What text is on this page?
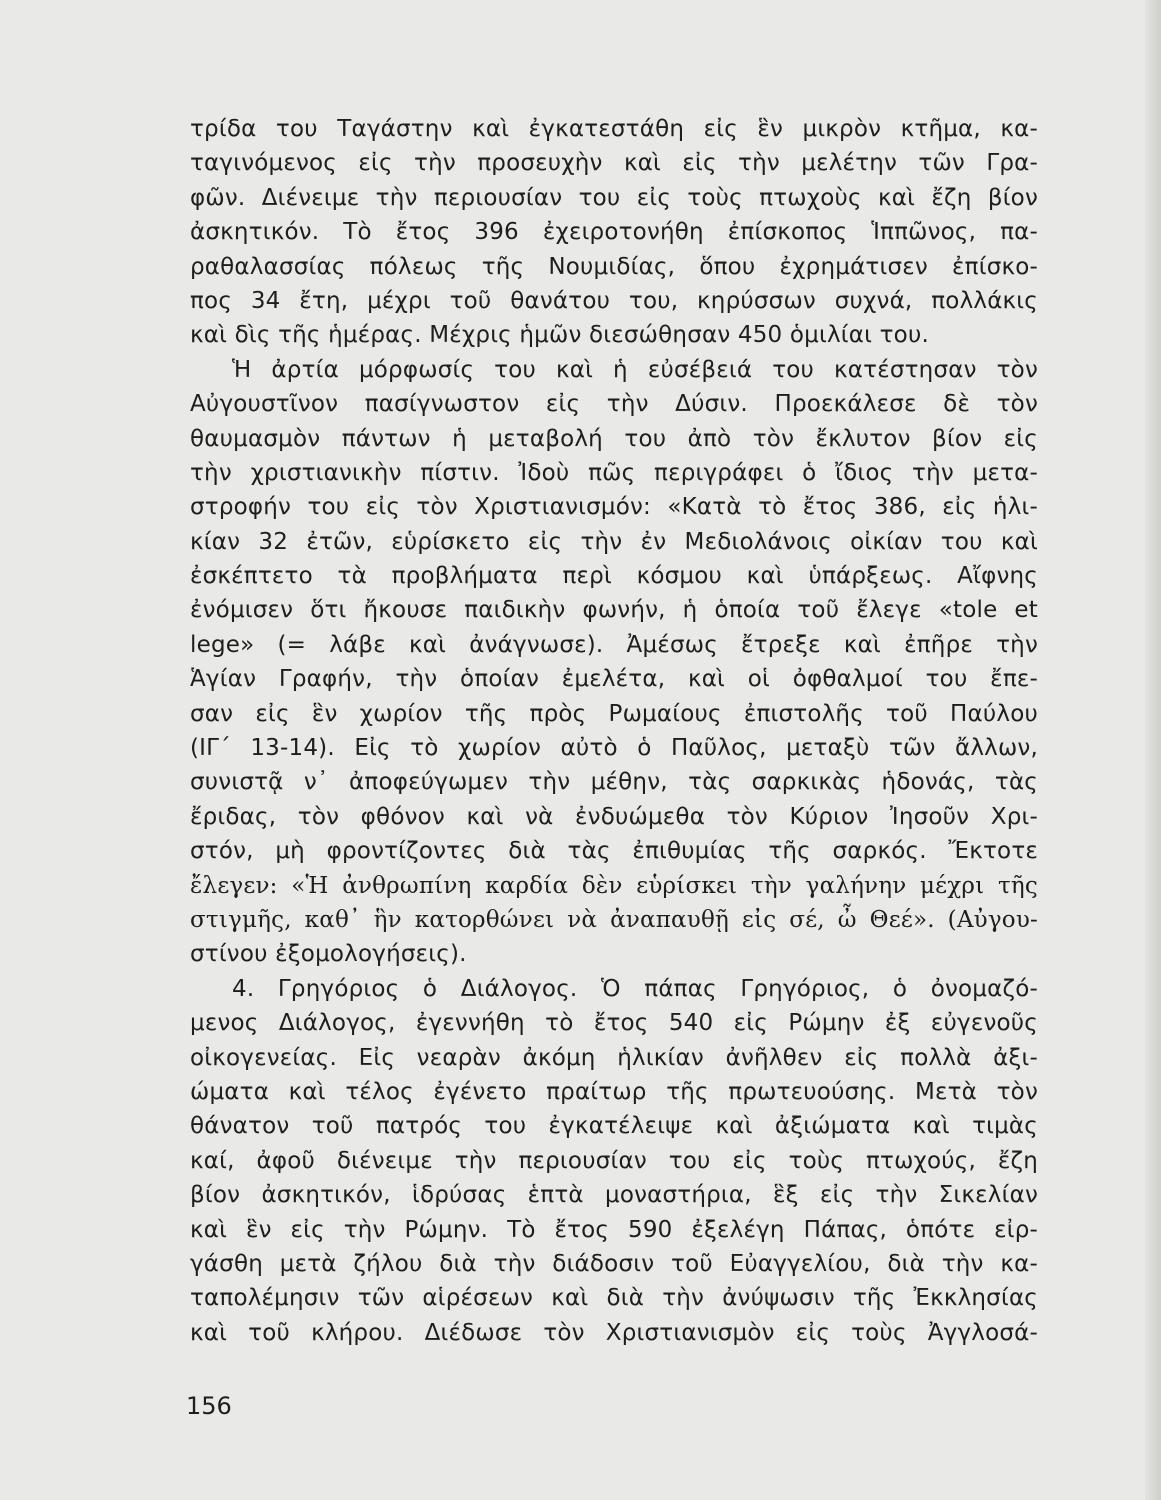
τρίδα του Ταγάστην καὶ ἐγκατεστάθη εἰς ἓν μικρὸν κτῆμα, κα-
ταγινόμενος εἰς τὴν προσευχὴν καὶ εἰς τὴν μελέτην τῶν Γρα-
φῶν. Διένειμε τὴν περιουσίαν του εἰς τοὺς πτωχοὺς καὶ ἔζη βίον
ἀσκητικόν. Τὸ ἔτος 396 ἐχειροτονήθη ἐπίσκοπος Ἱππῶνος, πα-
ραθαλασσίας πόλεως τῆς Νουμιδίας, ὅπου ἐχρημάτισεν ἐπίσκο-
πος 34 ἔτη, μέχρι τοῦ θανάτου του, κηρύσσων συχνά, πολλάκις
καὶ δὶς τῆς ἡμέρας. Μέχρις ἡμῶν διεσώθησαν 450 ὁμιλίαι του.
Ἡ ἀρτία μόρφωσίς του καὶ ἡ εὐσέβειά του κατέστησαν τὸν
Αὐγουστῖνον πασίγνωστον εἰς τὴν Δύσιν. Προεκάλεσε δὲ τὸν
θαυμασμὸν πάντων ἡ μεταβολή του ἀπὸ τὸν ἔκλυτον βίον εἰς
τὴν χριστιανικὴν πίστιν. Ἰδοὺ πῶς περιγράφει ὁ ἴδιος τὴν μετα-
στροφήν του εἰς τὸν Χριστιανισμόν: «Κατὰ τὸ ἔτος 386, εἰς ἡλι-
κίαν 32 ἐτῶν, εὑρίσκετο εἰς τὴν ἐν Μεδιολάνοις οἰκίαν του καὶ
ἐσκέπτετο τὰ προβλήματα περὶ κόσμου καὶ ὑπάρξεως. Αἴφνης
ἐνόμισεν ὅτι ἤκουσε παιδικὴν φωνήν, ἡ ὁποία τοῦ ἔλεγε «tole et
lege» (= λάβε καὶ ἀνάγνωσε). Ἀμέσως ἔτρεξε καὶ ἐπῆρε τὴν
Ἁγίαν Γραφήν, τὴν ὁποίαν ἐμελέτα, καὶ οἱ ὀφθαλμοί του ἔπε-
σαν εἰς ἓν χωρίον τῆς πρὸς Ρωμαίους ἐπιστολῆς τοῦ Παύλου
(ΙΓ΄ 13-14). Εἰς τὸ χωρίον αὐτὸ ὁ Παῦλος, μεταξὺ τῶν ἄλλων,
συνιστᾷ ν᾽ ἀποφεύγωμεν τὴν μέθην, τὰς σαρκικὰς ἡδονάς, τὰς
ἔριδας, τὸν φθόνον καὶ νὰ ἐνδυώμεθα τὸν Κύριον Ἰησοῦν Χρι-
στόν, μὴ φροντίζοντες διὰ τὰς ἐπιθυμίας τῆς σαρκός. Ἔκτοτε
ἔλεγεν: «Ἡ ἀνθρωπίνη καρδία δὲν εὑρίσκει τὴν γαλήνην μέχρι τῆς
στιγμῆς, καθ᾽ ἣν κατορθώνει νὰ ἀναπαυθῇ εἰς σέ, ὦ Θεέ». (Αὐγου-
στίνου ἐξομολογήσεις).
4. Γρηγόριος ὁ Διάλογος. Ὁ πάπας Γρηγόριος, ὁ ὀνομαζό-
μενος Διάλογος, ἐγεννήθη τὸ ἔτος 540 εἰς Ρώμην ἐξ εὐγενοῦς
οἰκογενείας. Εἰς νεαρὰν ἀκόμη ἡλικίαν ἀνῆλθεν εἰς πολλὰ ἀξι-
ώματα καὶ τέλος ἐγένετο πραίτωρ τῆς πρωτευούσης. Μετὰ τὸν
θάνατον τοῦ πατρός του ἐγκατέλειψε καὶ ἀξιώματα καὶ τιμὰς
καί, ἀφοῦ διένειμε τὴν περιουσίαν του εἰς τοὺς πτωχούς, ἔζη
βίον ἀσκητικόν, ἱδρύσας ἑπτὰ μοναστήρια, ἓξ εἰς τὴν Σικελίαν
καὶ ἓν εἰς τὴν Ρώμην. Τὸ ἔτος 590 ἐξελέγη Πάπας, ὁπότε εἰρ-
γάσθη μετὰ ζήλου διὰ τὴν διάδοσιν τοῦ Εὐαγγελίου, διὰ τὴν κα-
ταπολέμησιν τῶν αἱρέσεων καὶ διὰ τὴν ἀνύψωσιν τῆς Ἐκκλησίας
καὶ τοῦ κλήρου. Διέδωσε τὸν Χριστιανισμὸν εἰς τοὺς Ἀγγλοσά-
156
